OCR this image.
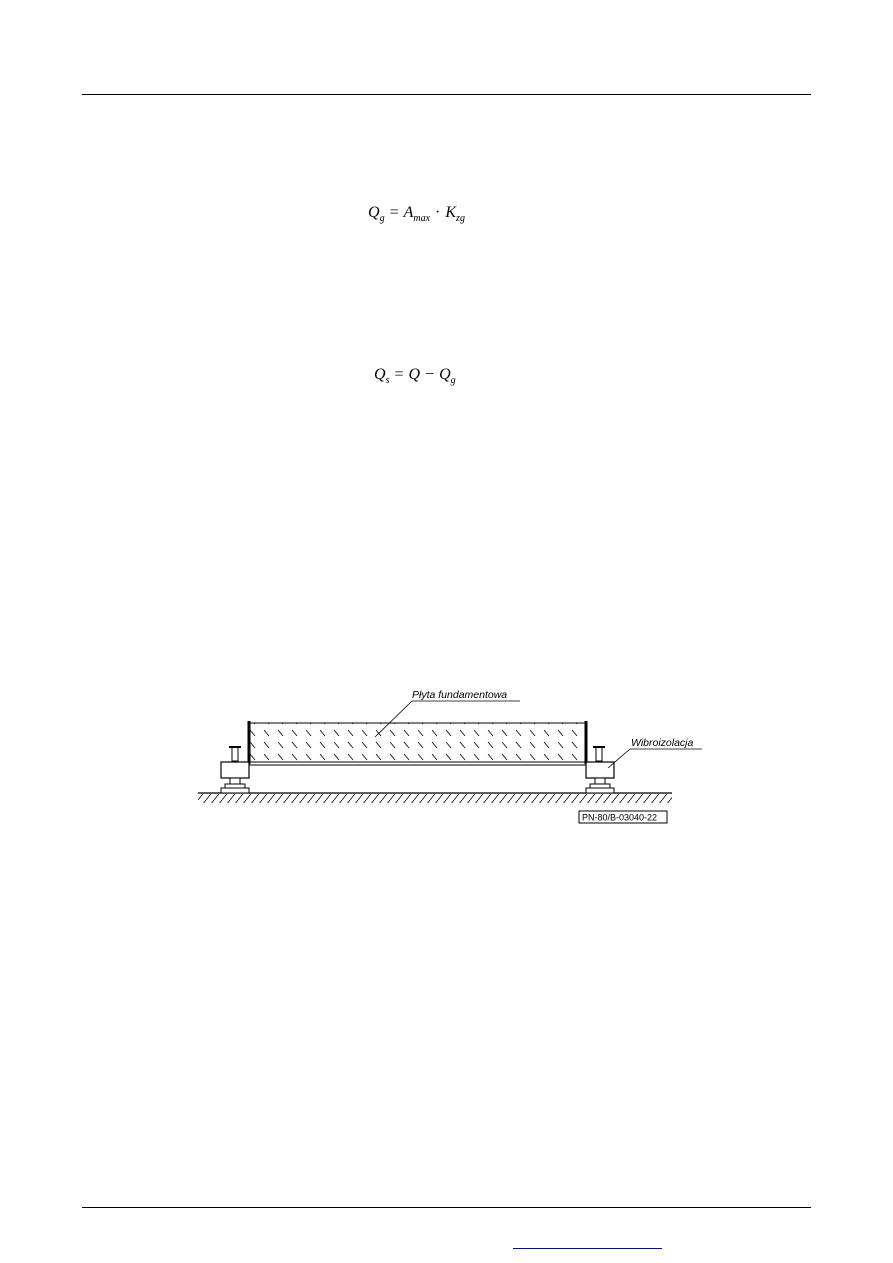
$Q_g = A_{max} \cdot K_{zg}$
$Q_s = Q - Q_g$
Płyta fundamentowa
Wibroizolacja
PN-80/B-03040-22
